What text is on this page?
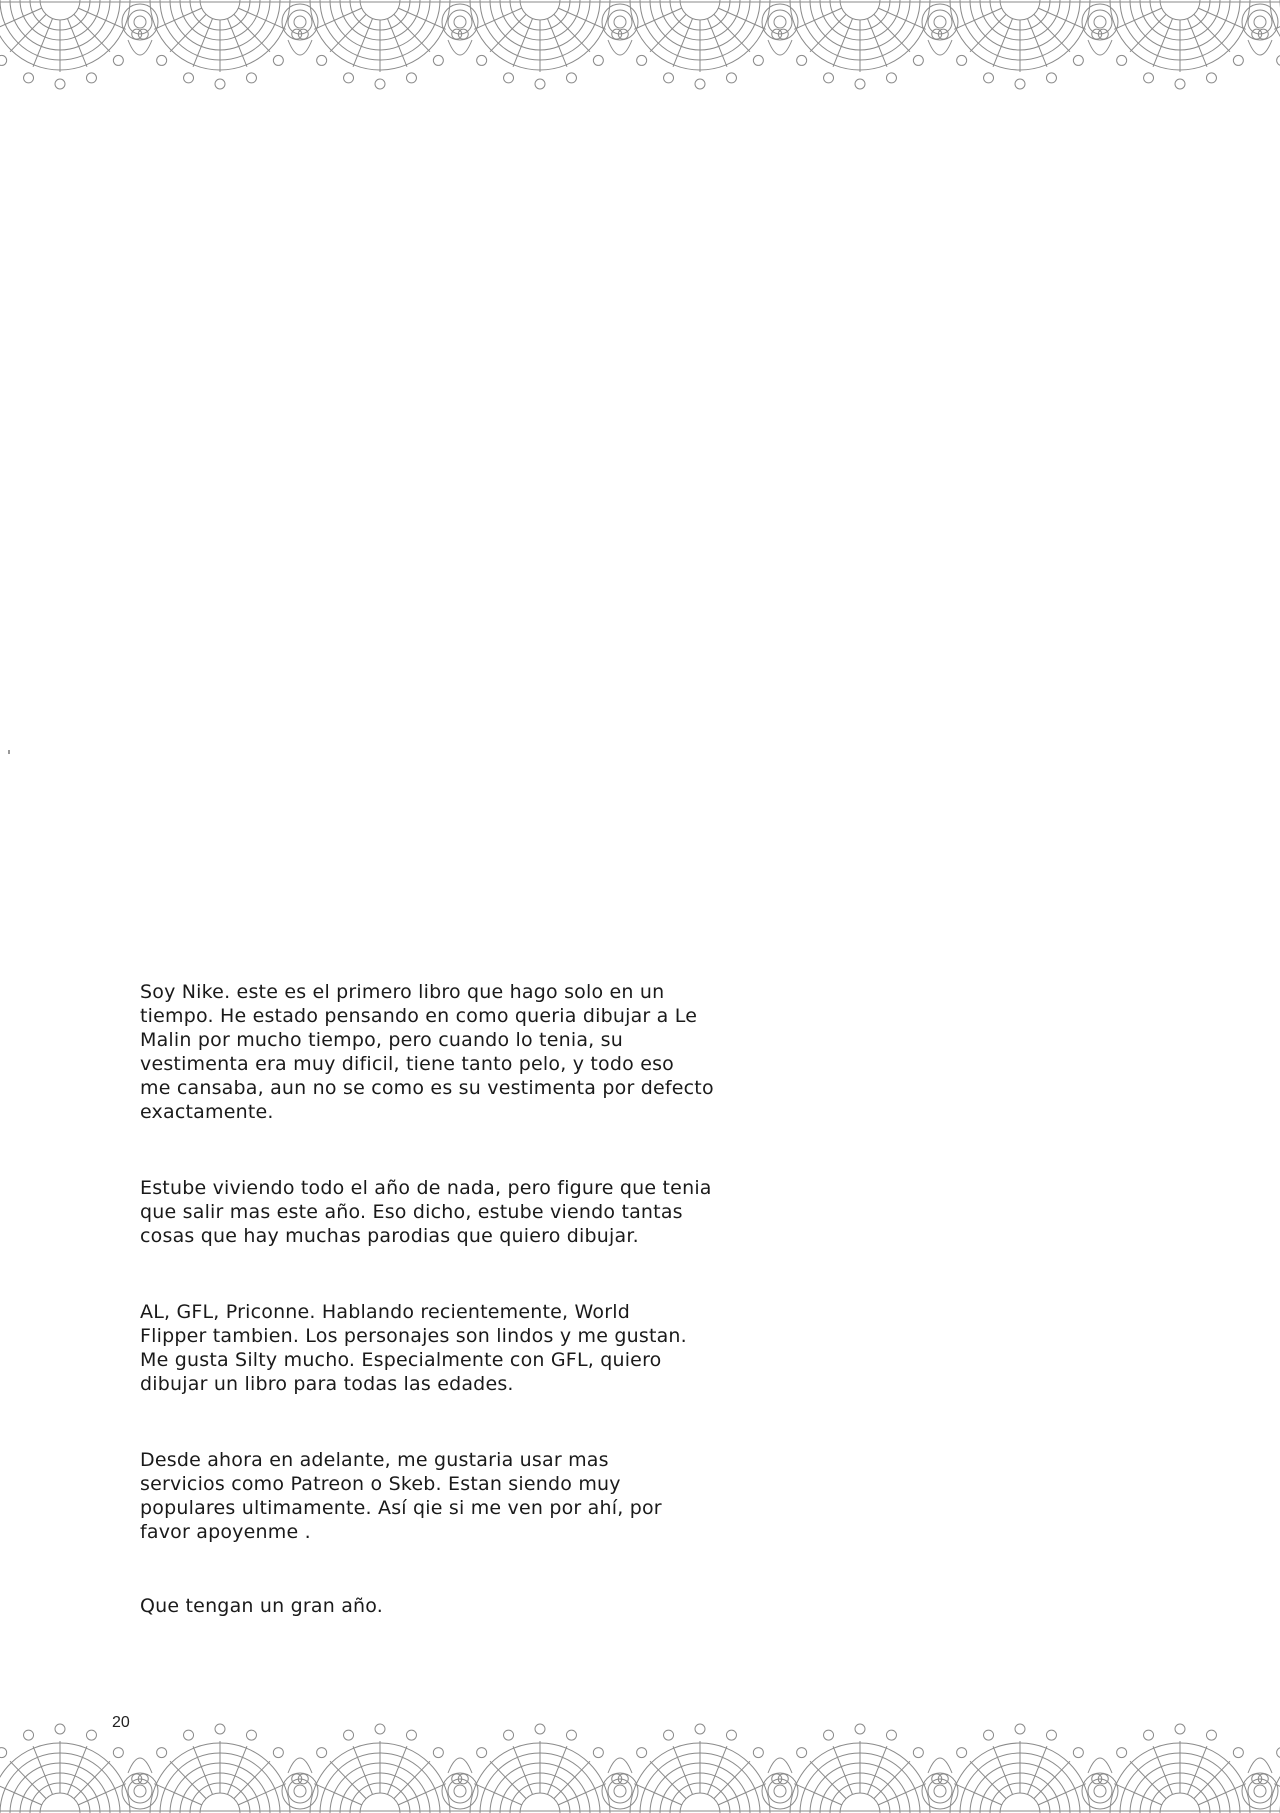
Soy Nike. este es el primero libro que hago solo en un
tiempo. He estado pensando en como queria dibujar a Le
Malin por mucho tiempo, pero cuando lo tenia, su
vestimenta era muy dificil, tiene tanto pelo, y todo eso
me cansaba, aun no se como es su vestimenta por defecto
exactamente.

Estube viviendo todo el año de nada, pero figure que tenia
que salir mas este año. Eso dicho, estube viendo tantas
cosas que hay muchas parodias que quiero dibujar.

AL, GFL, Priconne. Hablando recientemente, World
Flipper tambien. Los personajes son lindos y me gustan.
Me gusta Silty mucho. Especialmente con GFL, quiero
dibujar un libro para todas las edades.

Desde ahora en adelante, me gustaria usar mas
servicios como Patreon o Skeb. Estan siendo muy
populares ultimamente. Así qie si me ven por ahí, por
favor apoyenme .

Que tengan un gran año.

20
